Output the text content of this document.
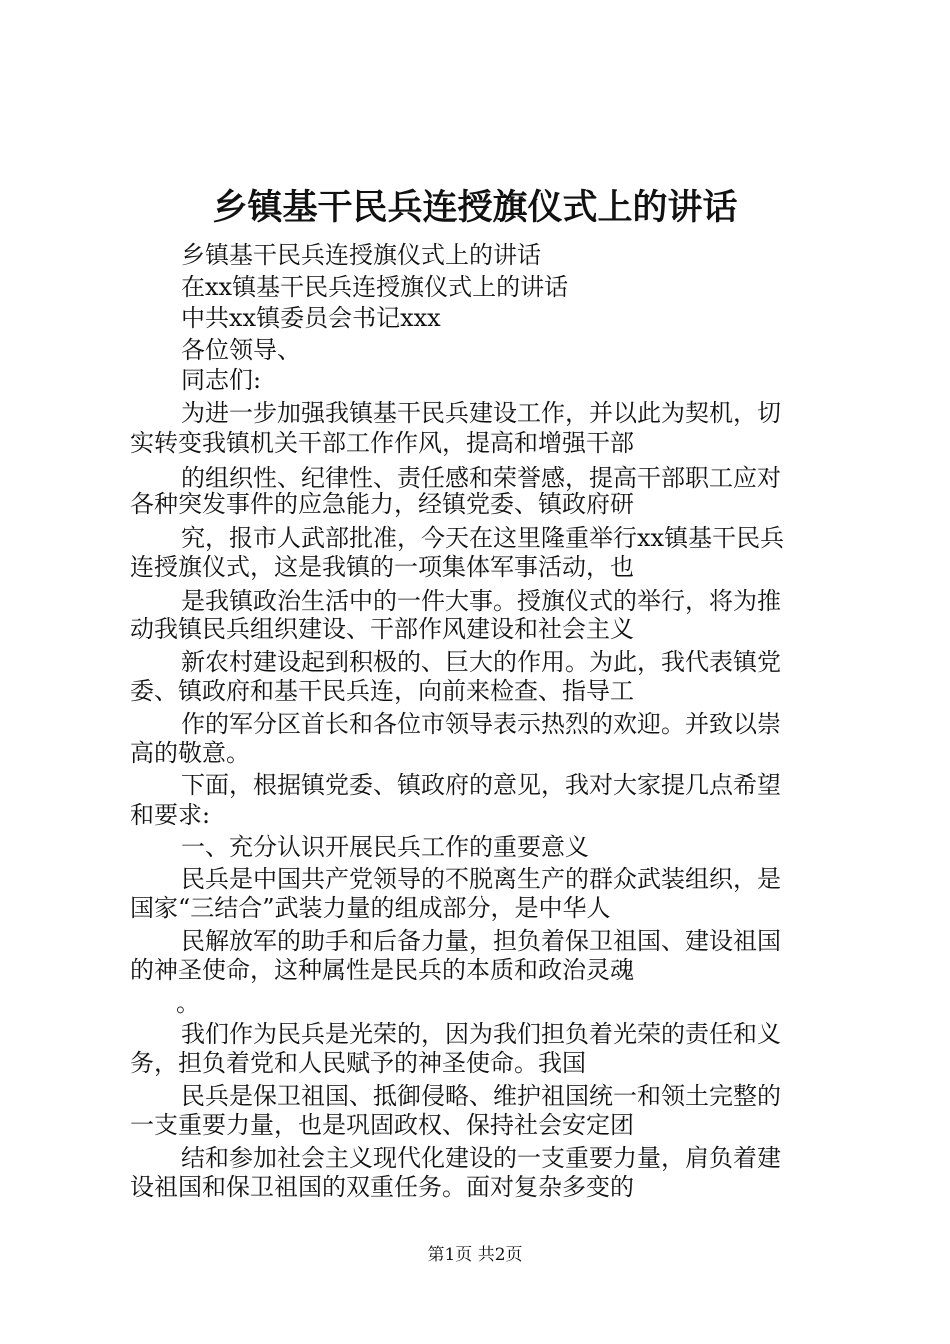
乡镇基干民兵连授旗仪式上的讲话
乡镇基干民兵连授旗仪式上的讲话
在xx镇基干民兵连授旗仪式上的讲话
中共xx镇委员会书记xxx
各位领导、
同志们:
为进一步加强我镇基干民兵建设工作，并以此为契机，切
实转变我镇机关干部工作作风，提高和增强干部
的组织性、纪律性、责任感和荣誉感，提高干部职工应对
各种突发事件的应急能力，经镇党委、镇政府研
究，报市人武部批准，今天在这里隆重举行xx镇基干民兵
连授旗仪式，这是我镇的一项集体军事活动，也
是我镇政治生活中的一件大事。授旗仪式的举行，将为推
动我镇民兵组织建设、干部作风建设和社会主义
新农村建设起到积极的、巨大的作用。为此，我代表镇党
委、镇政府和基干民兵连，向前来检查、指导工
作的军分区首长和各位市领导表示热烈的欢迎。并致以崇
高的敬意。
下面，根据镇党委、镇政府的意见，我对大家提几点希望
和要求:
一、充分认识开展民兵工作的重要意义
民兵是中国共产党领导的不脱离生产的群众武装组织，是
国家“三结合”武装力量的组成部分，是中华人
民解放军的助手和后备力量，担负着保卫祖国、建设祖国
的神圣使命，这种属性是民兵的本质和政治灵魂
。
我们作为民兵是光荣的，因为我们担负着光荣的责任和义
务，担负着党和人民赋予的神圣使命。我国
民兵是保卫祖国、抵御侵略、维护祖国统一和领土完整的
一支重要力量，也是巩固政权、保持社会安定团
结和参加社会主义现代化建设的一支重要力量，肩负着建
设祖国和保卫祖国的双重任务。面对复杂多变的
第1页 共2页
